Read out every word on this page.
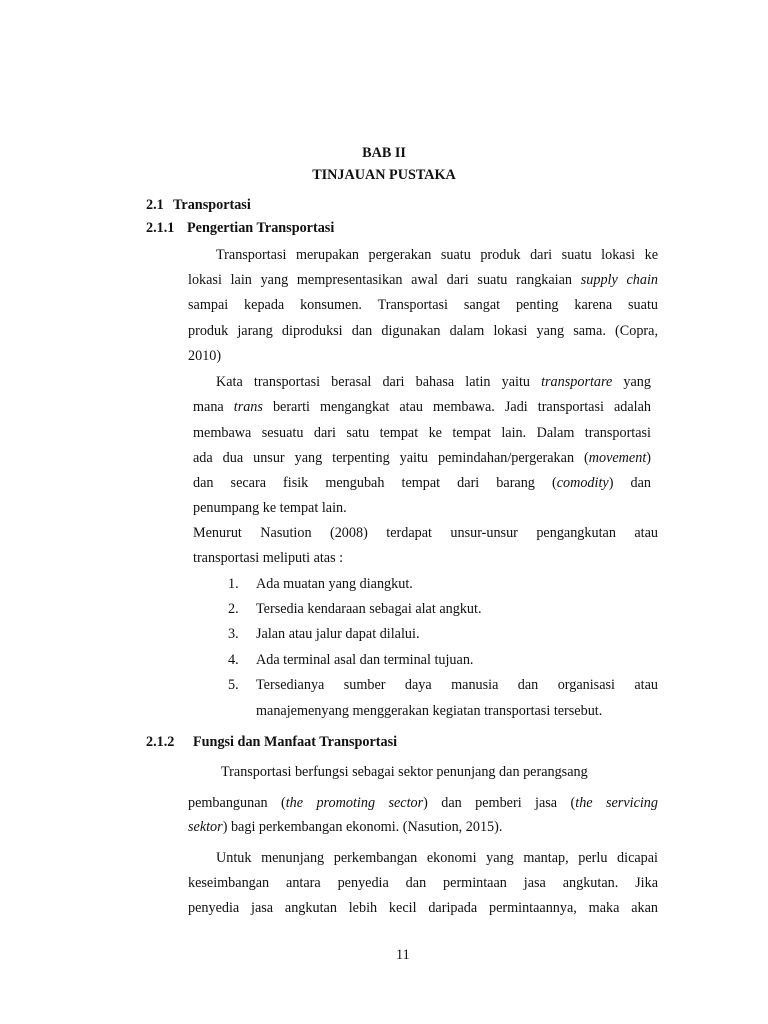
BAB II
TINJAUAN PUSTAKA
2.1 Transportasi
2.1.1 Pengertian Transportasi
Transportasi merupakan pergerakan suatu produk dari suatu lokasi ke
lokasi lain yang mempresentasikan awal dari suatu rangkaian supply chain
sampai kepada konsumen. Transportasi sangat penting karena suatu
produk jarang diproduksi dan digunakan dalam lokasi yang sama. (Copra,
2010)
Kata transportasi berasal dari bahasa latin yaitu transportare yang
mana trans berarti mengangkat atau membawa. Jadi transportasi adalah
membawa sesuatu dari satu tempat ke tempat lain. Dalam transportasi
ada dua unsur yang terpenting yaitu pemindahan/pergerakan (movement)
dan secara fisik mengubah tempat dari barang (comodity) dan
penumpang ke tempat lain.
Menurut Nasution (2008) terdapat unsur-unsur pengangkutan atau
transportasi meliputi atas :
1. Ada muatan yang diangkut.
2. Tersedia kendaraan sebagai alat angkut.
3. Jalan atau jalur dapat dilalui.
4. Ada terminal asal dan terminal tujuan.
5. Tersedianya sumber daya manusia dan organisasi atau
manajemenyang menggerakan kegiatan transportasi tersebut.
2.1.2 Fungsi dan Manfaat Transportasi
Transportasi berfungsi sebagai sektor penunjang dan perangsang
pembangunan (the promoting sector) dan pemberi jasa (the servicing
sektor) bagi perkembangan ekonomi. (Nasution, 2015).
Untuk menunjang perkembangan ekonomi yang mantap, perlu dicapai
keseimbangan antara penyedia dan permintaan jasa angkutan. Jika
penyedia jasa angkutan lebih kecil daripada permintaannya, maka akan
11
